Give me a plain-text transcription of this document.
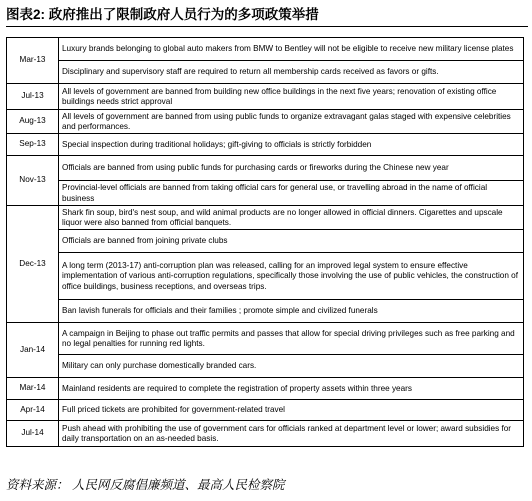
图表2: 政府推出了限制政府人员行为的多项政策举措
Mar-13	Luxury brands belonging to global auto makers from BMW to Bentley will not be eligible to receive new military license plates
	Disciplinary and supervisory staff are required to return all membership cards received as favors or gifts.
Jul-13	All levels of government are banned from building new office buildings in the next five years; renovation of existing office buildings needs strict approval
Aug-13	All levels of government are banned from using public funds to organize extravagant galas staged with expensive celebrities and performances.
Sep-13	Special inspection during traditional holidays; gift-giving to officials is strictly forbidden
Nov-13	Officials are banned from using public funds for purchasing cards or fireworks during the Chinese new year
	Provincial-level officials are banned from taking official cars for general use, or travelling abroad in the name of official business
Dec-13	Shark fin soup, bird's nest soup, and wild animal products are no longer allowed in official dinners. Cigarettes and upscale liquor were also banned from official banquets.
	Officials are banned from joining private clubs
	A long term (2013-17) anti-corruption plan was released, calling for an improved legal system to ensure effective implementation of various anti-corruption regulations, specifically those involving the use of public vehicles, the construction of office buildings, business receptions, and overseas trips.
	Ban lavish funerals for officials and their families ; promote simple and civilized funerals
Jan-14	A campaign in Beijing to phase out traffic permits and passes that allow for special driving privileges such as free parking and no legal penalties for running red lights.
	Military can only purchase domestically branded cars.
Mar-14	Mainland residents are required to complete the registration of property assets within three years
Apr-14	Full priced tickets are prohibited for government-related travel
Jul-14	Push ahead with prohibiting the use of government cars for officials ranked at department level or lower; award subsidies for daily transportation on an as-needed basis.
资料来源： 人民网反腐倡廉频道、最高人民检察院
